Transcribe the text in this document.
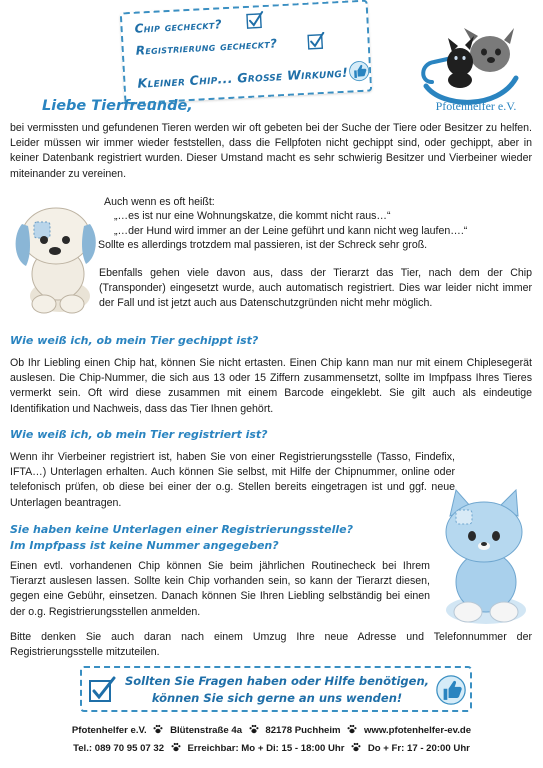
Chip gecheckt?
Registrierung gecheckt?
Kleiner Chip... Große Wirkung!
Pfotenhelfer e.V.
Liebe Tierfreunde,

bei vermissten und gefundenen Tieren werden wir oft gebeten bei der Suche der Tiere oder Besitzer zu helfen. Leider müssen wir immer wieder feststellen, dass die Fellpfoten nicht gechippt sind, oder gechippt, aber in keiner Datenbank registriert wurden. Dieser Umstand macht es sehr schwierig Besitzer und Vierbeiner wieder miteinander zu vereinen.

Auch wenn es oft heißt:
„…es ist nur eine Wohnungskatze, die kommt nicht raus…“
„…der Hund wird immer an der Leine geführt und kann nicht weg laufen….“
Sollte es allerdings trotzdem mal passieren, ist der Schreck sehr groß.

Ebenfalls gehen viele davon aus, dass der Tierarzt das Tier, nach dem der Chip (Transponder) eingesetzt wurde, auch automatisch registriert. Dies war leider nicht immer der Fall und ist jetzt auch aus Datenschutzgründen nicht mehr möglich.

Wie weiß ich, ob mein Tier gechippt ist?

Ob Ihr Liebling einen Chip hat, können Sie nicht ertasten. Einen Chip kann man nur mit einem Chiplesegerät auslesen. Die Chip-Nummer, die sich aus 13 oder 15 Ziffern zusammensetzt, sollte im Impfpass Ihres Tieres vermerkt sein. Oft wird diese zusammen mit einem Barcode eingeklebt. Sie gilt auch als eindeutige Identifikation und Nachweis, dass das Tier Ihnen gehört.

Wie weiß ich, ob mein Tier registriert ist?

Wenn ihr Vierbeiner registriert ist, haben Sie von einer Registrierungsstelle (Tasso, Findefix, IFTA…) Unterlagen erhalten. Auch können Sie selbst, mit Hilfe der Chipnummer, online oder telefonisch prüfen, ob diese bei einer der o.g. Stellen bereits eingetragen ist und ggf. neue Unterlagen beantragen.

Sie haben keine Unterlagen einer Registrierungsstelle?
Im Impfpass ist keine Nummer angegeben?

Einen evtl. vorhandenen Chip können Sie beim jährlichen Routinecheck bei Ihrem Tierarzt auslesen lassen. Sollte kein Chip vorhanden sein, so kann der Tierarzt diesen, gegen eine Gebühr, einsetzen. Danach können Sie Ihren Liebling selbständig bei einen der o.g. Registrierungsstellen anmelden.

Bitte denken Sie auch daran nach einem Umzug Ihre neue Adresse und Telefonnummer der Registrierungsstelle mitzuteilen.

Sollten Sie Fragen haben oder Hilfe benötigen,
können Sie sich gerne an uns wenden!
Pfotenhelfer e.V. Blütenstraße 4a 82178 Puchheim www.pfotenhelfer-ev.de
Tel.: 089 70 95 07 32 Erreichbar: Mo + Di: 15 - 18:00 Uhr Do + Fr: 17 - 20:00 Uhr
